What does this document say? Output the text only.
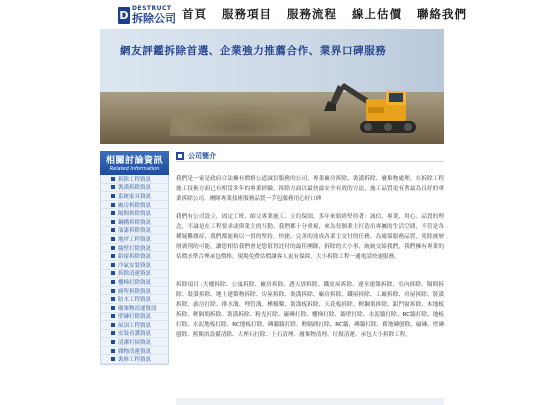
D DESTRUCT
拆除公司 首頁 服務項目 服務流程 線上估價 聯絡我們
網友評鑑拆除首選、企業強力推薦合作、業界口碑服務
相關討論資訊
Related Information
拆除工程資訊
裝潢拆除資訊
系統家具資訊
廠房拆除資訊
隔間拆除資訊
鋼構拆除資訊
油漆拆除資訊
地坪工程資訊
牆壁打除資訊
鋁窗拆除資訊
冷氣安裝資訊
拆除清運資訊
樓梯打除資訊
廁所拆除資訊
防水工程資訊
廢棄物清運資訊
壁磚打除資訊
屋頂工程資訊
安裝看護資訊
清潔打掃資訊
雜物清運資訊
裝修工程資訊
公司簡介

我們是一家是政府合法擁有價格公道誠信服務的公司，專業廠房拆除、裝潢拆除、廢棄物處理，在拆除工程施工技術方面已有相當多年的專業經驗，拆除方面以最快最安全有效的方法，施工品質更有著最為良好的專業拆除公司，團隊專業技術服務品質一手包服務用心好口碑

我們有公司設立，固定工班、師父專業施工，立約保固，多年來始終堅持著：誠信、專業、用心、品質的理念，不論是在工程要求或與業主的互動，我們都十分重視，來為每個業主打造出專屬的生活空間，不管是各種疑難雜症，我們都能夠以一貫的堅持，快捷、完善的達成各業主交付的任務，為確保服務品質，免除被層層剝削的可能，讓您相信我們會是您值得託付的最佳團隊，拆除的大小事，統統交給我們，我們擁有專業的估價水準合理承包價格，現場免費估價讓客人更有保障，大小拆除工程一通電話快速服務。

拆除項目 :大樓拆除、公寓拆除、廠房拆除、透天厝拆除、鐵皮屋拆除、違章建築拆除、室內拆除、隔間拆除、裝潢拆除、地上建築物拆除、房屋拆除、裝潢拆除、廠房拆除、鐵屋拆除、工廠拆除、房屋拆除、裝潢拆除、廚房打除、排水溝、埋管溝、樺樹鑿、裝潢板拆除、天花板拆除、輕鋼架拆除、鋁門窗拆除、木地板拆除、輕隔間拆除、裝潢拆除、粉光打除、磁磚打除、樓梯打除、牆壁打除、水泥牆打除、RC牆打除、地板打除、水泥地板打除、RC地板打除、磚牆牆打除、輕隔間打除、RC牆、磚牆打除、舊地磚刨除、磁磚、壁磚刨除、舊衛浴設備清除、大理石打除、土石清理、廢棄物清理、垃圾清運、承包大小拆除工程。
